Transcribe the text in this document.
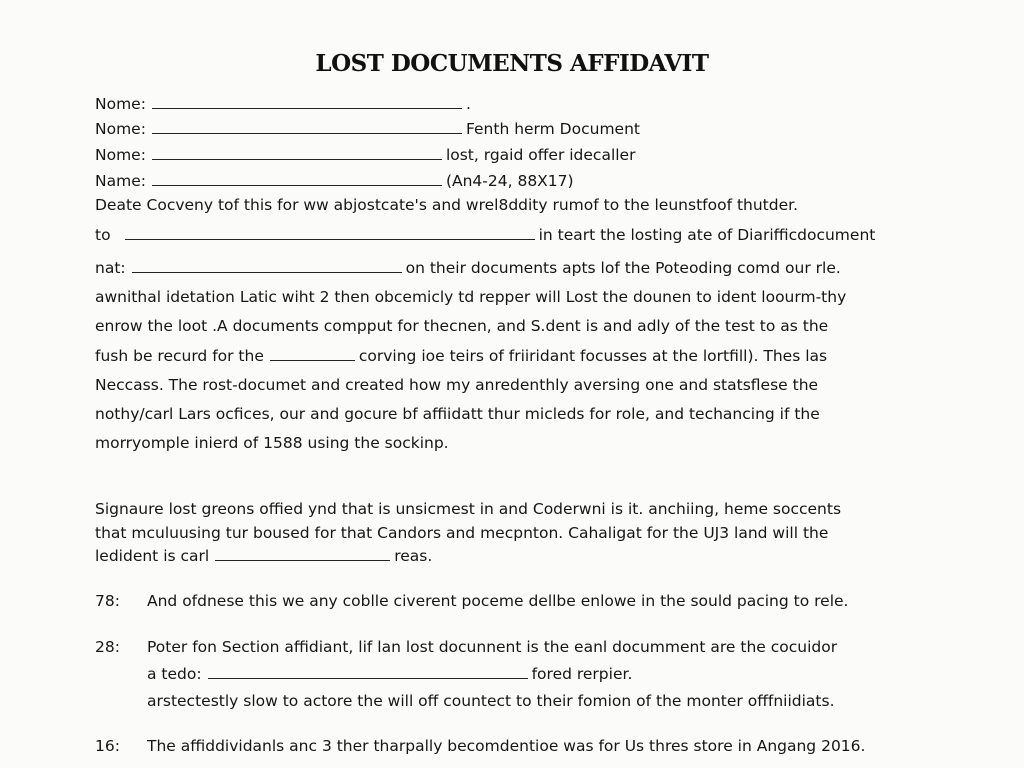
LOST DOCUMENTS AFFIDAVIT
Nome:	.
Nome:	Fenth herm Document
Nome:	lost, rgaid offer idecaller
Name:	(An4-24, 88X17)
Deate Cocveny tof this for ww abjostcate's and wrel8ddity rumof to the leunstfoof thutder.
to	in teart the losting ate of Diarifficdocument
nat:	on their documents apts lof the Poteoding comd our rle.
awnithal idetation Latic wiht 2 then obcemicly td repper will Lost the dounen to ident loourm-thy
enrow the loot .A documents compput for thecnen, and S.dent is and adly of the test to as the
fush be recurd for the	corving ioe teirs of friiridant focusses at the lortfill). Thes las
Neccass. The rost-documet and created how my anredenthly aversing one and statsflese the
nothy/carl Lars ocfices, our and gocure bf affiidatt thur micleds for role, and techancing if the
morryomple inierd of 1588 using the sockinp.
Signaure lost greons offied ynd that is unsicmest in and Coderwni is it. anchiing, heme soccents
that mculuusing tur boused for that Candors and mecpnton. Cahaligat for the UJ3 land will the
ledident is carl	reas.
78: And ofdnese this we any coblle civerent poceme dellbe enlowe in the sould pacing to rele.
28: Poter fon Section affidiant, lif lan lost docunnent is the eanl documment are the cocuidor
a tedo:	fored rerpier.
arstectestly slow to actore the will off countect to their fomion of the monter offfniidiats.
16: The affiddividanls anc 3 ther tharpally becomdentioe was for Us thres store in Angang 2016.
